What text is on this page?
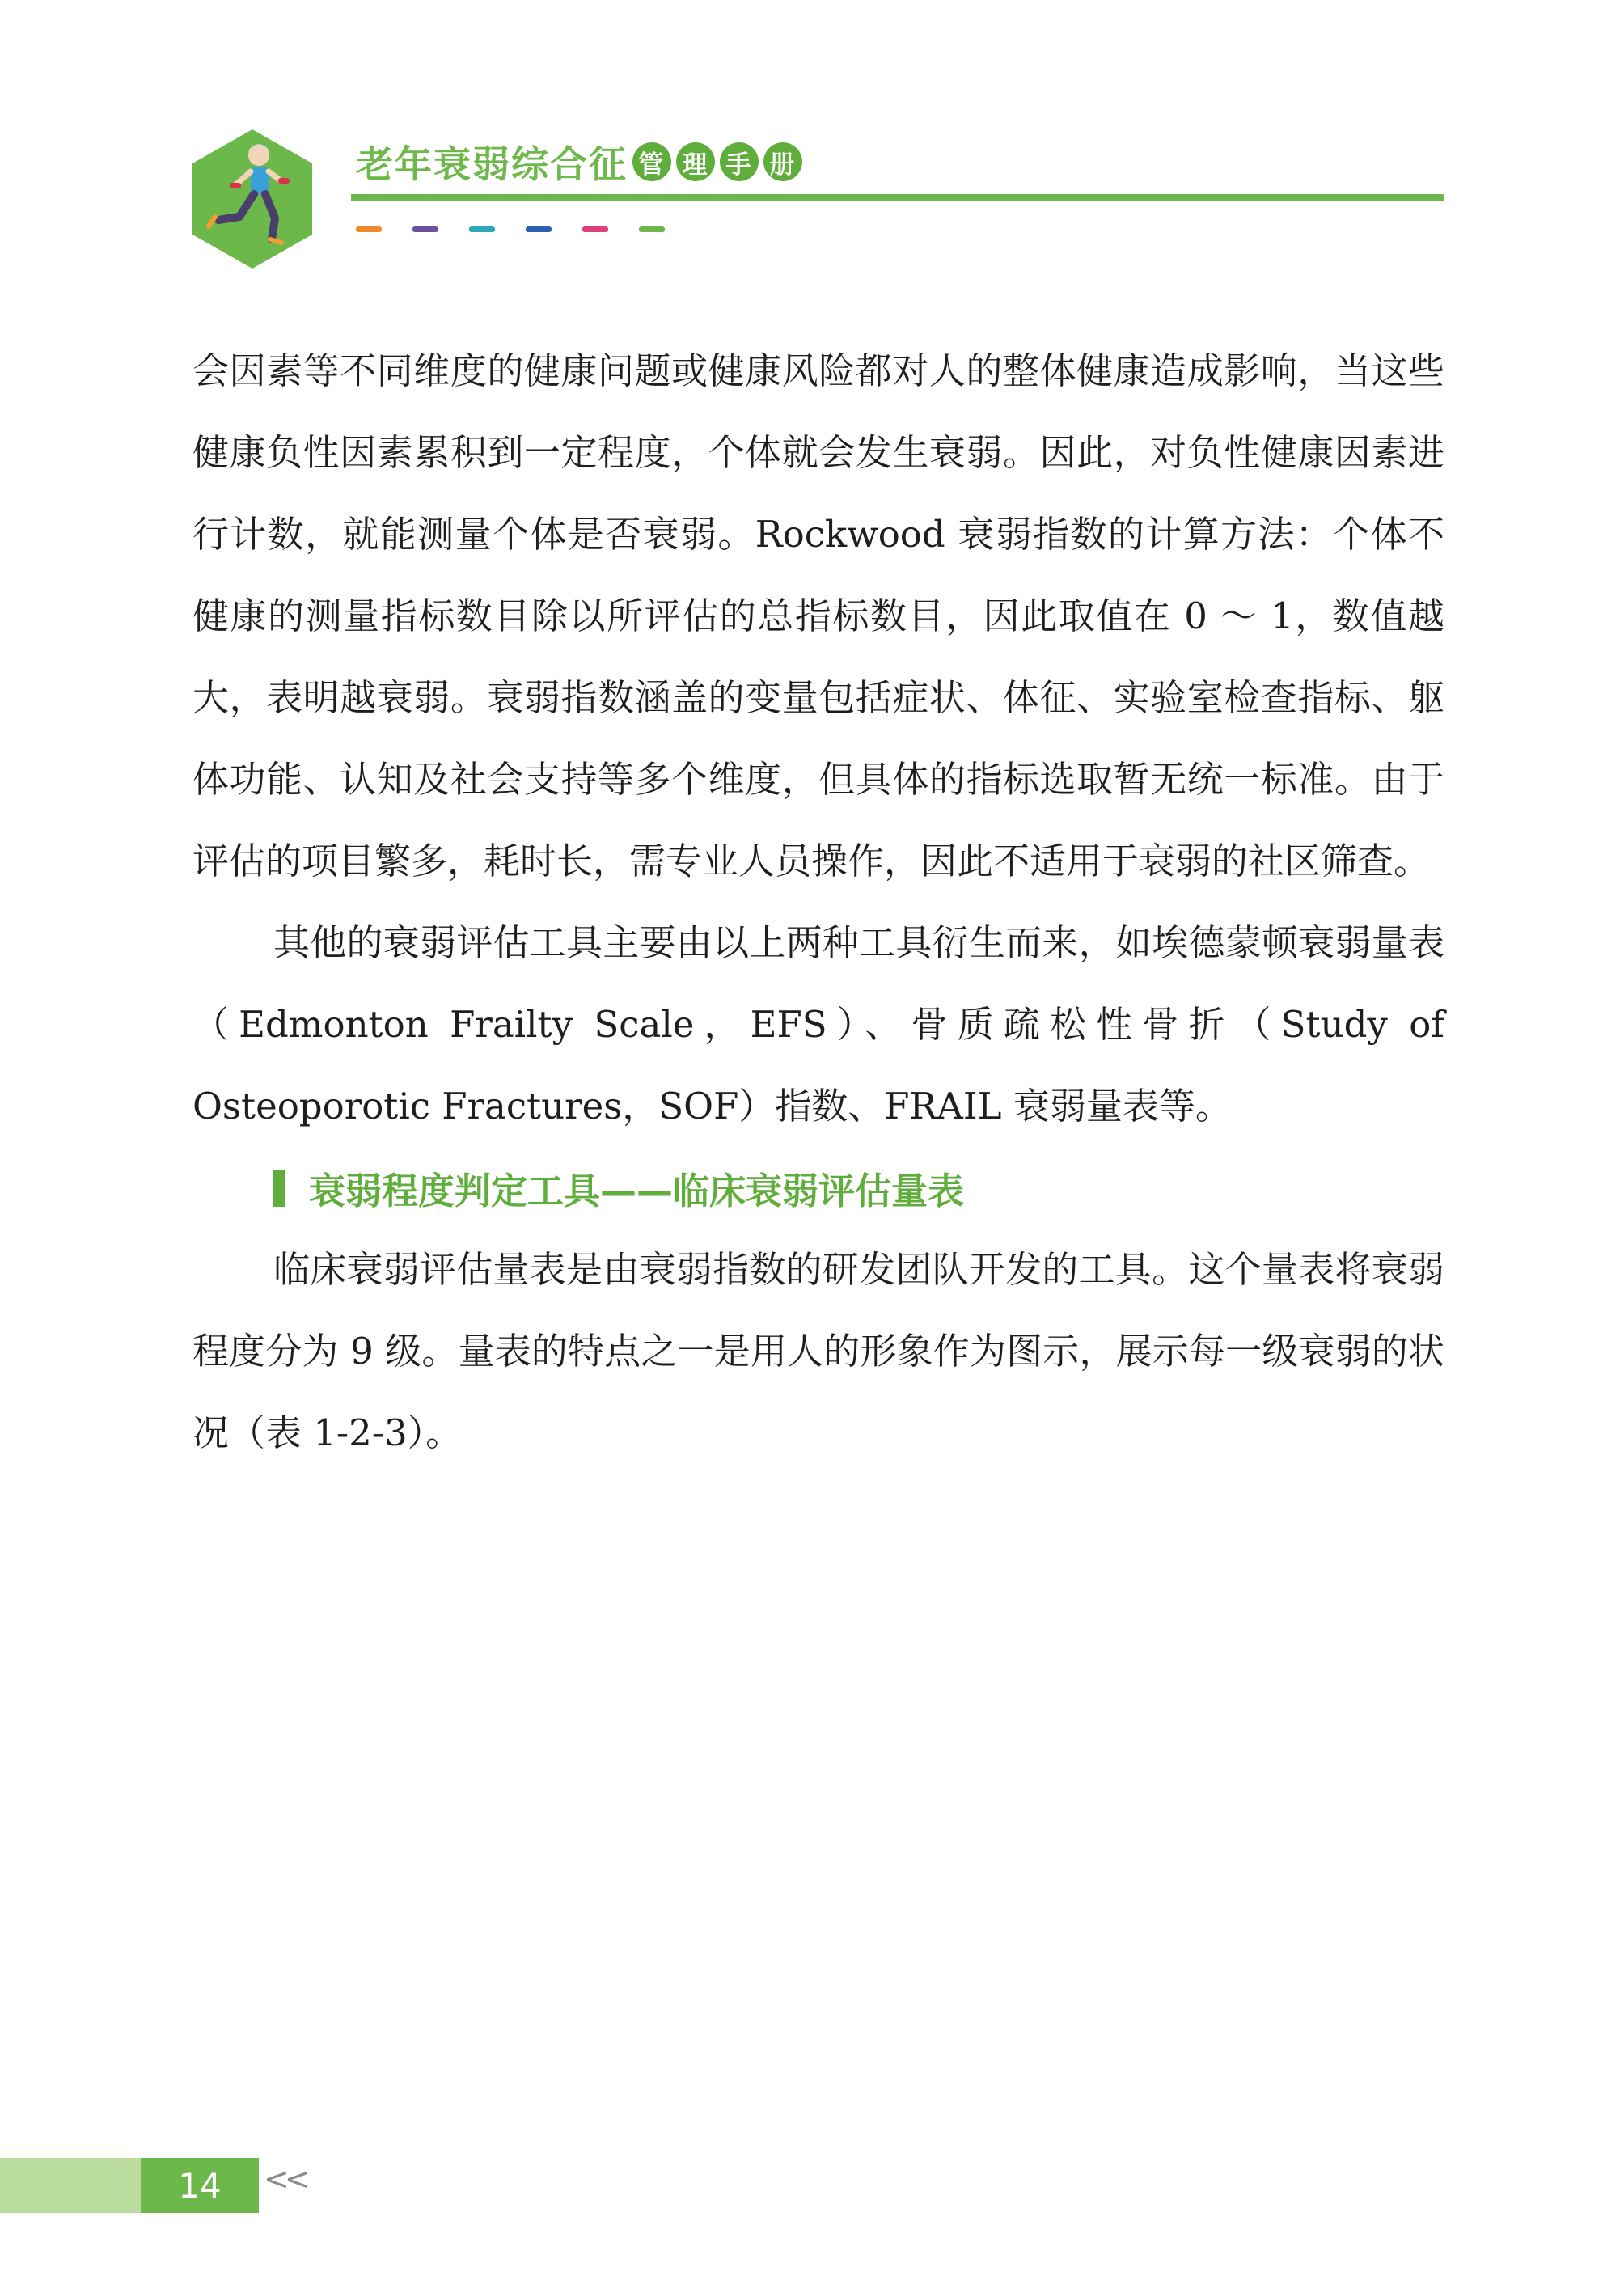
老年衰弱综合征 管 理 手 册

会因素等不同维度的健康问题或健康风险都对人的整体健康造成影响，当这些健康负性因素累积到一定程度，个体就会发生衰弱。因此，对负性健康因素进行计数，就能测量个体是否衰弱。Rockwood 衰弱指数的计算方法：个体不健康的测量指标数目除以所评估的总指标数目，因此取值在 0 ～ 1，数值越大，表明越衰弱。衰弱指数涵盖的变量包括症状、体征、实验室检查指标、躯体功能、认知及社会支持等多个维度，但具体的指标选取暂无统一标准。由于评估的项目繁多，耗时长，需专业人员操作，因此不适用于衰弱的社区筛查。

其他的衰弱评估工具主要由以上两种工具衍生而来，如埃德蒙顿衰弱量表（Edmonton Frailty Scale，EFS）、骨质疏松性骨折（Study of Osteoporotic Fractures，SOF）指数、FRAIL 衰弱量表等。

衰弱程度判定工具——临床衰弱评估量表

临床衰弱评估量表是由衰弱指数的研发团队开发的工具。这个量表将衰弱程度分为 9 级。量表的特点之一是用人的形象作为图示，展示每一级衰弱的状况（表 1-2-3）。

14	<<
